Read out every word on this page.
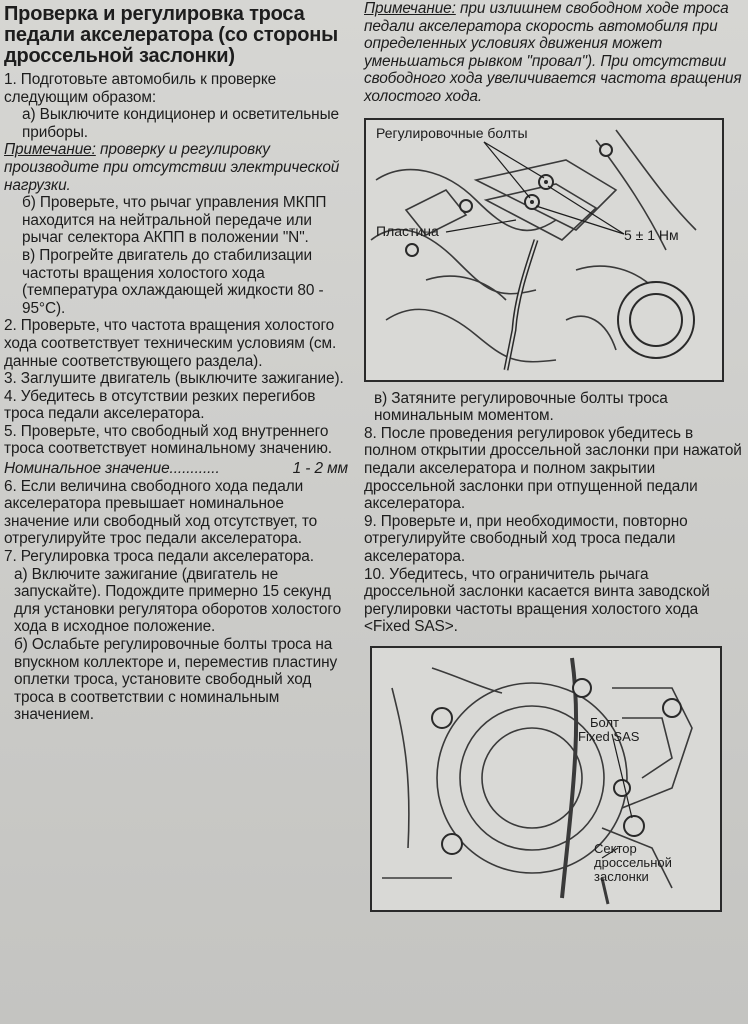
Проверка и регулировка троса педали акселератора (со стороны дроссельной заслонки)

1. Подготовьте автомобиль к проверке следующим образом:

а) Выключите кондиционер и осветительные приборы.

Примечание: проверку и регулировку производите при отсутствии электрической нагрузки.

б) Проверьте, что рычаг управления МКПП находится на нейтральной передаче или рычаг селектора АКПП в положении "N".

в) Прогрейте двигатель до стабилизации частоты вращения холостого хода (температура охлаждающей жидкости 80 - 95°С).

2. Проверьте, что частота вращения холостого хода соответствует техническим условиям (см. данные соответствующего раздела).

3. Заглушите двигатель (выключите зажигание).

4. Убедитесь в отсутствии резких перегибов троса педали акселератора.

5. Проверьте, что свободный ход внутреннего троса соответствует номинальному значению.

Номинальное значение............	1 - 2 мм

6. Если величина свободного хода педали акселератора превышает номинальное значение или свободный ход отсутствует, то отрегулируйте трос педали акселератора.

7. Регулировка троса педали акселератора.

а) Включите зажигание (двигатель не запускайте). Подождите примерно 15 секунд для установки регулятора оборотов холостого хода в исходное положение.

б) Ослабьте регулировочные болты троса на впускном коллекторе и, переместив пластину оплетки троса, установите свободный ход троса в соответствии с номинальным значением.

Примечание: при излишнем свободном ходе троса педали акселератора скорость автомобиля при определенных условиях движения может уменьшаться рывком "провал"). При отсутствии свободного хода увеличивается частота вращения холостого хода.

Регулировочные болты
Пластина	5 ± 1 Нм

в) Затяните регулировочные болты троса номинальным моментом.

8. После проведения регулировок убедитесь в полном открытии дроссельной заслонки при нажатой педали акселератора и полном закрытии дроссельной заслонки при отпущенной педали акселератора.

9. Проверьте и, при необходимости, повторно отрегулируйте свободный ход троса педали акселератора.

10. Убедитесь, что ограничитель рычага дроссельной заслонки касается винта заводской регулировки частоты вращения холостого хода <Fixed SAS>.

Болт
Fixed SAS
Сектор
дроссельной
заслонки
